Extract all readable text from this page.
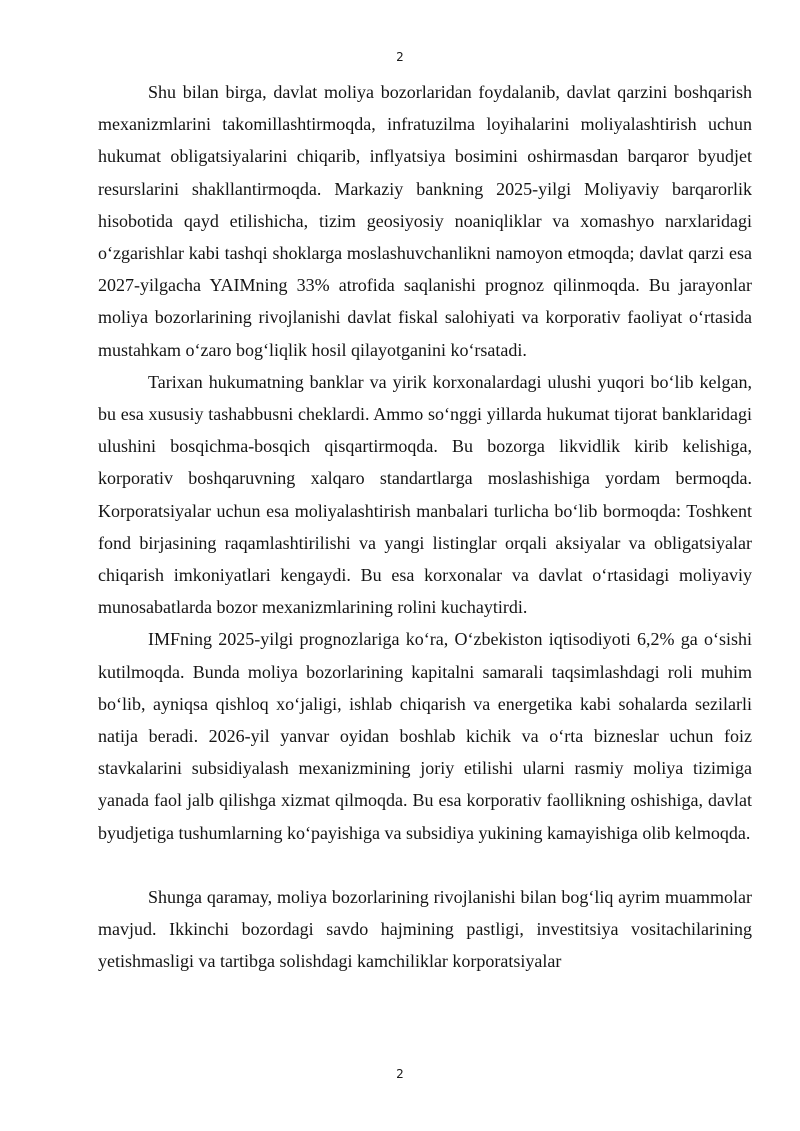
2

Shu bilan birga, davlat moliya bozorlaridan foydalanib, davlat qarzini boshqarish mexanizmlarini takomillashtirmoqda, infratuzilma loyihalarini moliyalashtirish uchun hukumat obligatsiyalarini chiqarib, inflyatsiya bosimini oshirmasdan barqaror byudjet resurslarini shakllantirmoqda. Markaziy bankning 2025-yilgi Moliyaviy barqarorlik hisobotida qayd etilishicha, tizim geosiyosiy noaniqliklar va xomashyo narxlaridagi o‘zgarishlar kabi tashqi shoklarga moslashuvchanlikni namoyon etmoqda; davlat qarzi esa 2027-yilgacha YAIMning 33% atrofida saqlanishi prognoz qilinmoqda. Bu jarayonlar moliya bozorlarining rivojlanishi davlat fiskal salohiyati va korporativ faoliyat o‘rtasida mustahkam o‘zaro bog‘liqlik hosil qilayotganini ko‘rsatadi.

Tarixan hukumatning banklar va yirik korxonalardagi ulushi yuqori bo‘lib kelgan, bu esa xususiy tashabbusni cheklardi. Ammo so‘nggi yillarda hukumat tijorat banklaridagi ulushini bosqichma-bosqich qisqartirmoqda. Bu bozorga likvidlik kirib kelishiga, korporativ boshqaruvning xalqaro standartlarga moslashishiga yordam bermoqda. Korporatsiyalar uchun esa moliyalashtirish manbalari turlicha bo‘lib bormoqda: Toshkent fond birjasining raqamlashtirilishi va yangi listinglar orqali aksiyalar va obligatsiyalar chiqarish imkoniyatlari kengaydi. Bu esa korxonalar va davlat o‘rtasidagi moliyaviy munosabatlarda bozor mexanizmlarining rolini kuchaytirdi.

IMFning 2025-yilgi prognozlariga ko‘ra, O‘zbekiston iqtisodiyoti 6,2% ga o‘sishi kutilmoqda. Bunda moliya bozorlarining kapitalni samarali taqsimlashdagi roli muhim bo‘lib, ayniqsa qishloq xo‘jaligi, ishlab chiqarish va energetika kabi sohalarda sezilarli natija beradi. 2026-yil yanvar oyidan boshlab kichik va o‘rta bizneslar uchun foiz stavkalarini subsidiyalash mexanizmining joriy etilishi ularni rasmiy moliya tizimiga yanada faol jalb qilishga xizmat qilmoqda. Bu esa korporativ faollikning oshishiga, davlat byudjetiga tushumlarning ko‘payishiga va subsidiya yukining kamayishiga olib kelmoqda.

Shunga qaramay, moliya bozorlarining rivojlanishi bilan bog‘liq ayrim muammolar mavjud. Ikkinchi bozordagi savdo hajmining pastligi, investitsiya vositachilarining yetishmasligi va tartibga solishdagi kamchiliklar korporatsiyalar

2
